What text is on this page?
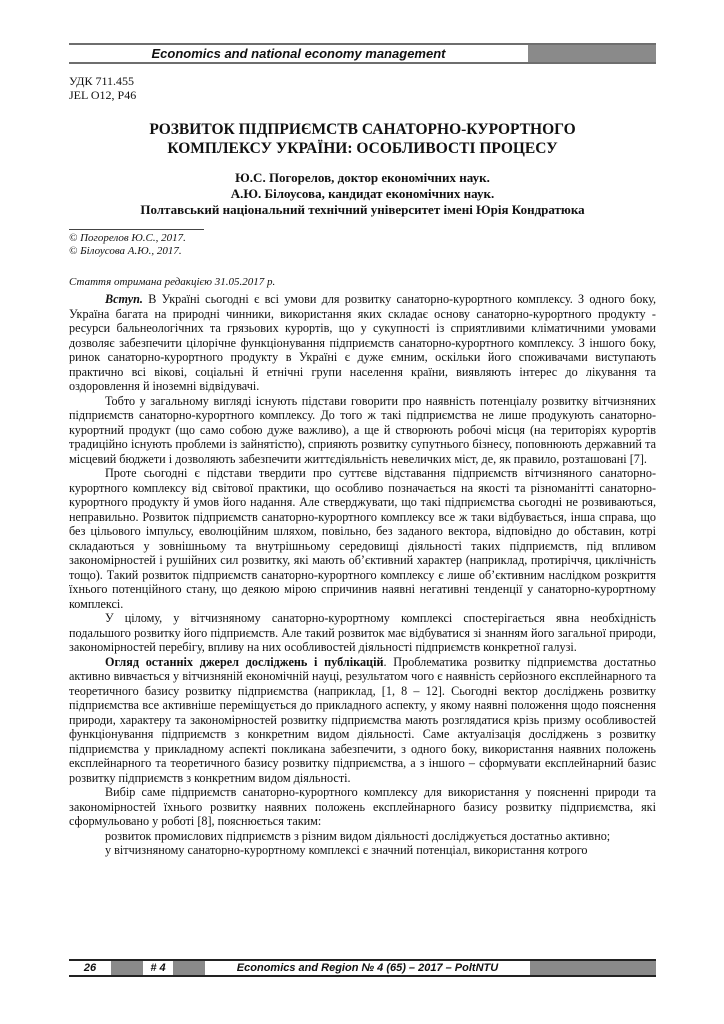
Economics and national economy management
УДК 711.455
JEL O12, P46
РОЗВИТОК ПІДПРИЄМСТВ САНАТОРНО-КУРОРТНОГО
КОМПЛЕКСУ УКРАЇНИ: ОСОБЛИВОСТІ ПРОЦЕСУ
Ю.С. Погорелов, доктор економічних наук.
А.Ю. Білоусова, кандидат економічних наук.
Полтавський національний технічний університет імені Юрія Кондратюка
© Погорелов Ю.С., 2017.
© Білоусова А.Ю., 2017.
Стаття отримана редакцією 31.05.2017 р.

Вступ. В Україні сьогодні є всі умови для розвитку санаторно-курортного комплексу. З одного боку, Україна багата на природні чинники, використання яких складає основу санаторно-курортного продукту - ресурси бальнеологічних та грязьових курортів, що у сукупності із сприятливими кліматичними умовами дозволяє забезпечити цілорічне функціонування підприємств санаторно-курортного комплексу. З іншого боку, ринок санаторно-курортного продукту в Україні є дуже ємним, оскільки його споживачами виступають практично всі вікові, соціальні й етнічні групи населення країни, виявляють інтерес до лікування та оздоровлення й іноземні відвідувачі.

Тобто у загальному вигляді існують підстави говорити про наявність потенціалу розвитку вітчизняних підприємств санаторно-курортного комплексу. До того ж такі підприємства не лише продукують санаторно-курортний продукт (що само собою дуже важливо), а ще й створюють робочі місця (на територіях курортів традиційно існують проблеми із зайнятістю), сприяють розвитку супутнього бізнесу, поповнюють державний та місцевий бюджети і дозволяють забезпечити життєдіяльність невеличких міст, де, як правило, розташовані [7].

Проте сьогодні є підстави твердити про суттєве відставання підприємств вітчизняного санаторно-курортного комплексу від світової практики, що особливо позначається на якості та різноманітті санаторно-курортного продукту й умов його надання. Але стверджувати, що такі підприємства сьогодні не розвиваються, неправильно. Розвиток підприємств санаторно-курортного комплексу все ж таки відбувається, інша справа, що без цільового імпульсу, еволюційним шляхом, повільно, без заданого вектора, відповідно до обставин, котрі складаються у зовнішньому та внутрішньому середовищі діяльності таких підприємств, під впливом закономірностей і рушійних сил розвитку, які мають об’єктивний характер (наприклад, протиріччя, циклічність тощо). Такий розвиток підприємств санаторно-курортного комплексу є лише об’єктивним наслідком розкриття їхнього потенційного стану, що деякою мірою спричинив наявні негативні тенденції у санаторно-курортному комплексі.

У цілому, у вітчизняному санаторно-курортному комплексі спостерігається явна необхідність подальшого розвитку його підприємств. Але такий розвиток має відбуватися зі знанням його загальної природи, закономірностей перебігу, впливу на них особливостей діяльності підприємств конкретної галузі.

Огляд останніх джерел досліджень і публікацій. Проблематика розвитку підприємства достатньо активно вивчається у вітчизняній економічній науці, результатом чого є наявність серйозного експлейнарного та теоретичного базису розвитку підприємства (наприклад, [1, 8 – 12]. Сьогодні вектор досліджень розвитку підприємства все активніше переміщується до прикладного аспекту, у якому наявні положення щодо пояснення природи, характеру та закономірностей розвитку підприємства мають розглядатися крізь призму особливостей функціонування підприємств з конкретним видом діяльності. Саме актуалізація досліджень з розвитку підприємства у прикладному аспекті покликана забезпечити, з одного боку, використання наявних положень експлейнарного та теоретичного базису розвитку підприємства, а з іншого – сформувати експлейнарний базис розвитку підприємств з конкретним видом діяльності.

Вибір саме підприємств санаторно-курортного комплексу для використання у поясненні природи та закономірностей їхнього розвитку наявних положень експлейнарного базису розвитку підприємства, які сформульовано у роботі [8], пояснюється таким:

розвиток промислових підприємств з різним видом діяльності досліджується достатньо активно;

у вітчизняному санаторно-курортному комплексі є значний потенціал, використання котрого

26	# 4	Economics and Region № 4 (65) – 2017 – PoltNTU
